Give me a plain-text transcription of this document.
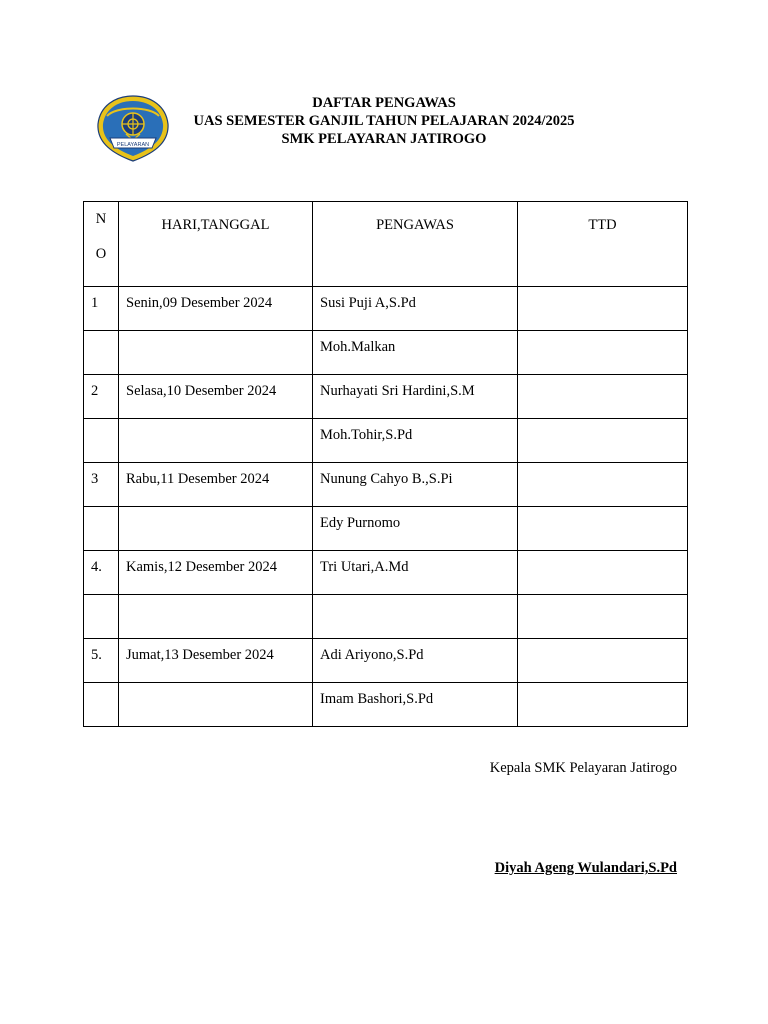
PELAYARAN
DAFTAR PENGAWAS
UAS SEMESTER GANJIL TAHUN PELAJARAN 2024/2025
SMK PELAYARAN JATIROGO
N
O	HARI,TANGGAL	PENGAWAS	TTD
1	Senin,09 Desember 2024	Susi Puji A,S.Pd	
		Moh.Malkan	
2	Selasa,10 Desember 2024	Nurhayati Sri Hardini,S.M	
		Moh.Tohir,S.Pd	
3	Rabu,11 Desember 2024	Nunung Cahyo B.,S.Pi	
		Edy Purnomo	
4.	Kamis,12 Desember 2024	Tri Utari,A.Md	

5.	Jumat,13 Desember 2024	Adi Ariyono,S.Pd	
		Imam Bashori,S.Pd	
Kepala SMK Pelayaran Jatirogo
Diyah Ageng Wulandari,S.Pd
